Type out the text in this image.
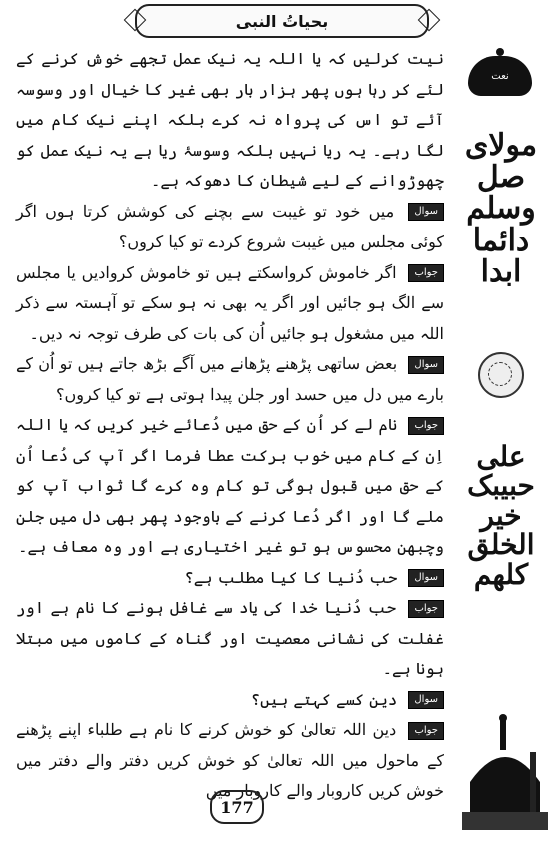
بحیاتُ النبی

نیت کرلیں کہ یا اللہ یہ نیک عمل تجھے خوش کرنے کے لئے کر رہا ہوں پھر ہزار بار بھی غیر کا خیال اور وسوسہ آئے تو اس کی پرواہ نہ کرے بلکہ اپنے نیک کام میں لگا رہے۔ یہ ریا نہیں بلکہ وسوسۂ ریا ہے یہ نیک عمل کو چھوڑوانے کے لیے شیطان کا دھوکہ ہے۔

سوال میں خود تو غیبت سے بچنے کی کوشش کرتا ہوں اگر کوئی مجلس میں غیبت شروع کردے تو کیا کروں؟

جواب اگر خاموش کرواسکتے ہیں تو خاموش کروادیں یا مجلس سے الگ ہو جائیں اور اگر یہ بھی نہ ہو سکے تو آہستہ سے ذکر اللہ میں مشغول ہو جائیں اُن کی بات کی طرف توجہ نہ دیں۔

سوال بعض ساتھی پڑھنے پڑھانے میں آگے بڑھ جاتے ہیں تو اُن کے بارے میں دل میں حسد اور جلن پیدا ہوتی ہے تو کیا کروں؟

جواب نام لے کر اُن کے حق میں دُعائے خیر کریں کہ یا اللہ اِن کے کام میں خوب برکت عطا فرما اگر آپ کی دُعا اُن کے حق میں قبول ہوگی تو کام وہ کرے گا ثواب آپ کو ملے گا اور اگر دُعا کرنے کے باوجود پھر بھی دل میں جلن وچبھن محسوس ہو تو غیر اختیاری ہے اور وہ معاف ہے۔

سوال حب دُنیا کا کیا مطلب ہے؟

جواب حب دُنیا خدا کی یاد سے غافل ہونے کا نام ہے اور غفلت کی نشانی معصیت اور گناہ کے کاموں میں مبتلا ہونا ہے۔

سوال دین کسے کہتے ہیں؟

جواب دین اللہ تعالیٰ کو خوش کرنے کا نام ہے طلباء اپنے پڑھنے کے ماحول میں اللہ تعالیٰ کو خوش کریں دفتر والے دفتر میں خوش کریں کاروبار والے کاروبار میں

نعت
مولای صل وسلم دائما ابدا
علی حبیبک خیر الخلق کلهم
177
